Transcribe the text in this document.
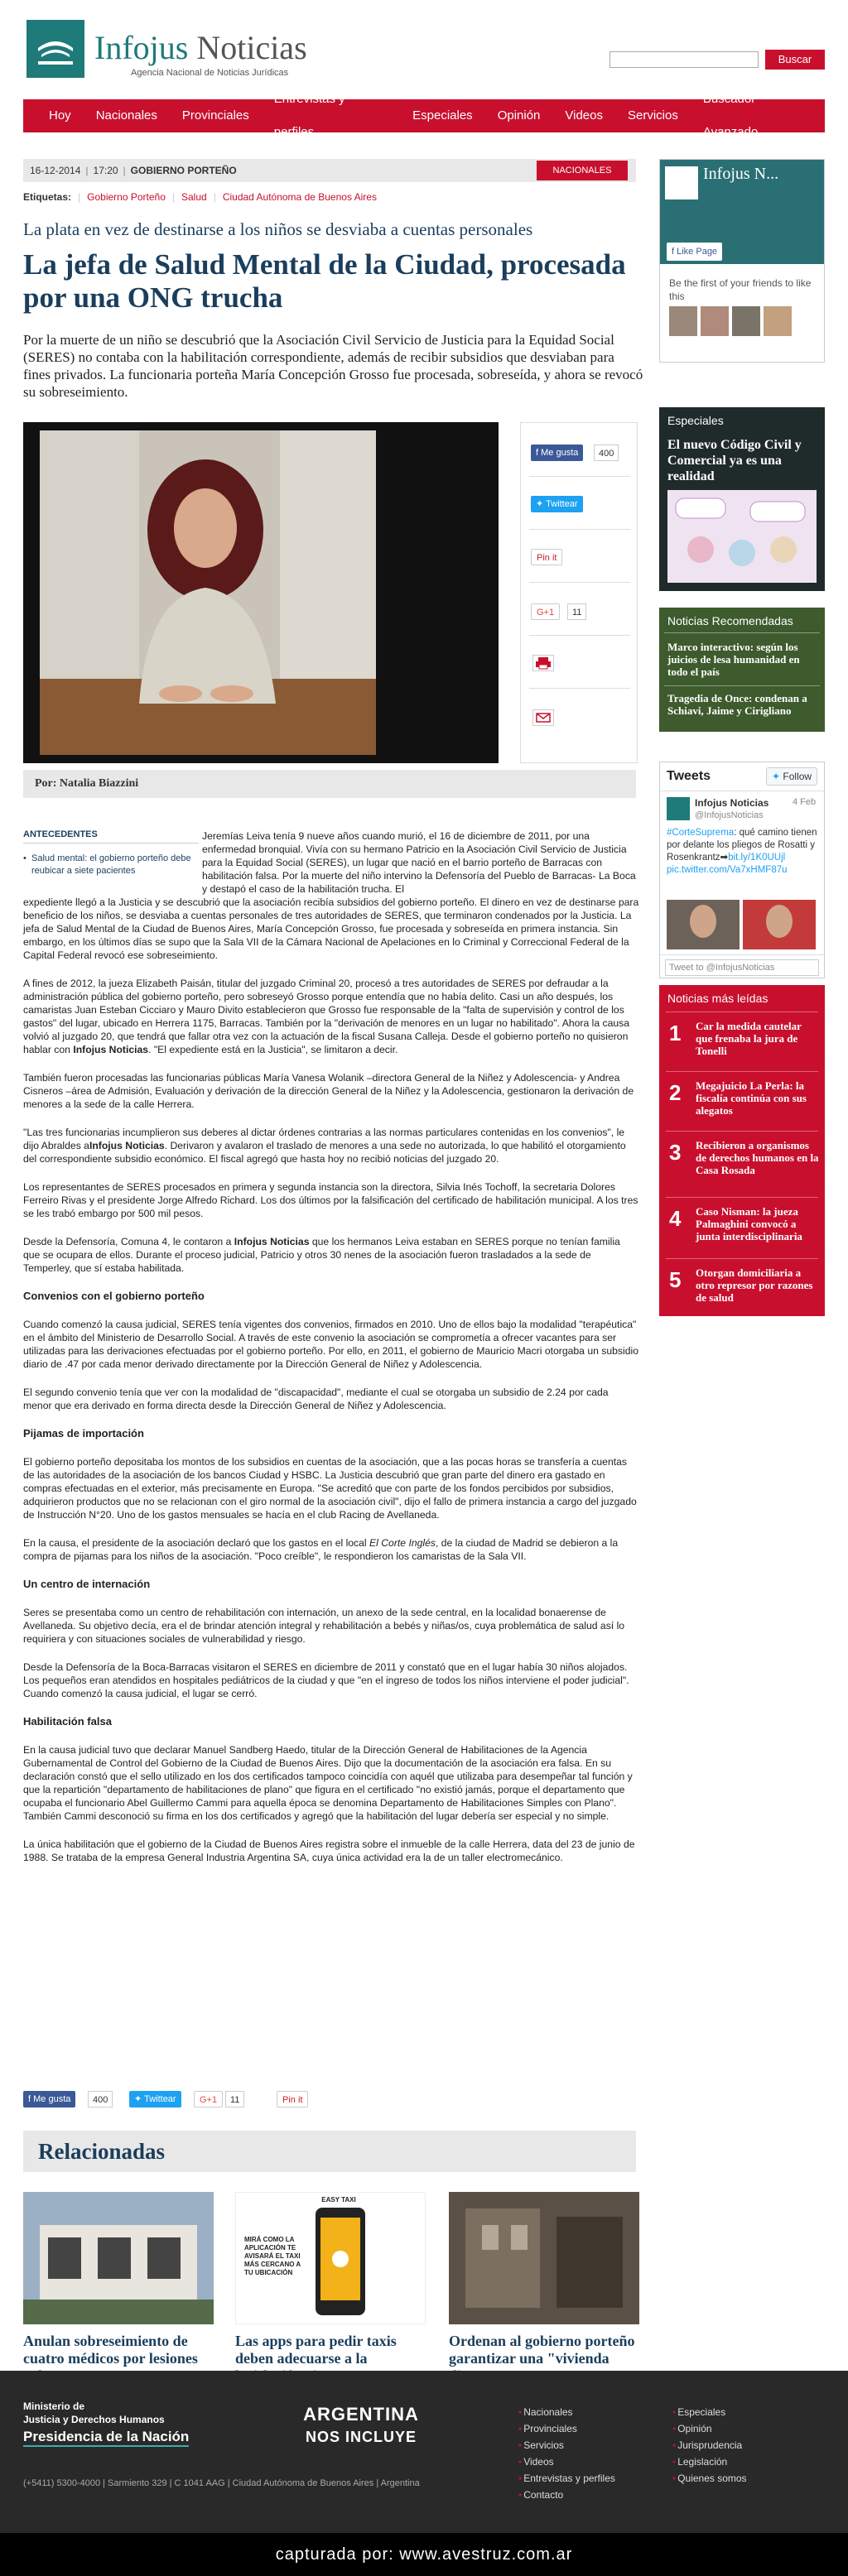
Infojus Noticias
Agencia Nacional de Noticias Jurídicas
Buscar
Hoy	Nacionales	Provinciales
Entrevistas y perfiles
Especiales	Opinión	Videos	Servicios
Buscador Avanzado
16-12-2014 | 17:20 | GOBIERNO PORTEÑO	NACIONALES
Etiquetas: | Gobierno Porteño | Salud | Ciudad Autónoma de Buenos Aires
La plata en vez de destinarse a los niños se desviaba a cuentas personales
La jefa de Salud Mental de la Ciudad, procesada por una ONG trucha
Por la muerte de un niño se descubrió que la Asociación Civil Servicio de Justicia para la Equidad Social (SERES) no contaba con la habilitación correspondiente, además de recibir subsidios que desviaban para fines privados. La funcionaria porteña María Concepción Grosso fue procesada, sobreseída, y ahora se revocó su sobreseimiento.
f Me gusta	400
✦ Twittear
Pin it
G+1	11
Por: Natalia Biazzini
ANTECEDENTES
• Salud mental: el gobierno porteño debe reubicar a siete pacientes

Jeremías Leiva tenía 9 nueve años cuando murió, el 16 de diciembre de 2011, por una enfermedad bronquial. Vivía con su hermano Patricio en la Asociación Civil Servicio de Justicia para la Equidad Social (SERES), un lugar que nació en el barrio porteño de Barracas con habilitación falsa. Por la muerte del niño intervino la Defensoría del Pueblo de Barracas- La Boca y destapó el caso de la habilitación trucha. El

expediente llegó a la Justicia y se descubrió que la asociación recibía subsidios del gobierno porteño. El dinero en vez de destinarse para beneficio de los niños, se desviaba a cuentas personales de tres autoridades de SERES, que terminaron condenados por la Justicia. La jefa de Salud Mental de la Ciudad de Buenos Aires, María Concepción Grosso, fue procesada y sobreseída en primera instancia. Sin embargo, en los últimos días se supo que la Sala VII de la Cámara Nacional de Apelaciones en lo Criminal y Correccional Federal de la Capital Federal revocó ese sobreseimiento.

A fines de 2012, la jueza Elizabeth Paisán, titular del juzgado Criminal 20, procesó a tres autoridades de SERES por defraudar a la administración pública del gobierno porteño, pero sobreseyó Grosso porque entendía que no había delito. Casi un año después, los camaristas Juan Esteban Cicciaro y Mauro Divito establecieron que Grosso fue responsable de la "falta de supervisión y control de los gastos" del lugar, ubicado en Herrera 1175, Barracas. También por la "derivación de menores en un lugar no habilitado". Ahora la causa volvió al juzgado 20, que tendrá que fallar otra vez con la actuación de la fiscal Susana Calleja. Desde el gobierno porteño no quisieron hablar con Infojus Noticias. "El expediente está en la Justicia", se limitaron a decir.

También fueron procesadas las funcionarias públicas María Vanesa Wolanik –directora General de la Niñez y Adolescencia- y Andrea Cisneros –área de Admisión, Evaluación y derivación de la dirección General de la Niñez y la Adolescencia, gestionaron la derivación de menores a la sede de la calle Herrera.

"Las tres funcionarias incumplieron sus deberes al dictar órdenes contrarias a las normas particulares contenidas en los convenios", le dijo Abraldes aInfojus Noticias. Derivaron y avalaron el traslado de menores a una sede no autorizada, lo que habilitó el otorgamiento del correspondiente subsidio económico. El fiscal agregó que hasta hoy no recibió noticias del juzgado 20.

Los representantes de SERES procesados en primera y segunda instancia son la directora, Silvia Inés Tochoff, la secretaria Dolores Ferreiro Rivas y el presidente Jorge Alfredo Richard. Los dos últimos por la falsificación del certificado de habilitación municipal. A los tres se les trabó embargo por 500 mil pesos.

Desde la Defensoría, Comuna 4, le contaron a Infojus Noticias que los hermanos Leiva estaban en SERES porque no tenían familia que se ocupara de ellos. Durante el proceso judicial, Patricio y otros 30 nenes de la asociación fueron trasladados a la sede de Temperley, que sí estaba habilitada.

Convenios con el gobierno porteño

Cuando comenzó la causa judicial, SERES tenía vigentes dos convenios, firmados en 2010. Uno de ellos bajo la modalidad "terapéutica" en el ámbito del Ministerio de Desarrollo Social. A través de este convenio la asociación se comprometía a ofrecer vacantes para ser utilizadas para las derivaciones efectuadas por el gobierno porteño. Por ello, en 2011, el gobierno de Mauricio Macri otorgaba un subsidio diario de .47 por cada menor derivado directamente por la Dirección General de Niñez y Adolescencia.

El segundo convenio tenía que ver con la modalidad de "discapacidad", mediante el cual se otorgaba un subsidio de 2.24 por cada menor que era derivado en forma directa desde la Dirección General de Niñez y Adolescencia.

Pijamas de importación

El gobierno porteño depositaba los montos de los subsidios en cuentas de la asociación, que a las pocas horas se transfería a cuentas de las autoridades de la asociación de los bancos Ciudad y HSBC. La Justicia descubrió que gran parte del dinero era gastado en compras efectuadas en el exterior, más precisamente en Europa. "Se acreditó que con parte de los fondos percibidos por subsidios, adquirieron productos que no se relacionan con el giro normal de la asociación civil", dijo el fallo de primera instancia a cargo del juzgado de Instrucción N°20. Uno de los gastos mensuales se hacía en el club Racing de Avellaneda.

En la causa, el presidente de la asociación declaró que los gastos en el local El Corte Inglés, de la ciudad de Madrid se debieron a la compra de pijamas para los niños de la asociación. "Poco creíble", le respondieron los camaristas de la Sala VII.

Un centro de internación

Seres se presentaba como un centro de rehabilitación con internación, un anexo de la sede central, en la localidad bonaerense de Avellaneda. Su objetivo decía, era el de brindar atención integral y rehabilitación a bebés y niñas/os, cuya problemática de salud así lo requiriera y con situaciones sociales de vulnerabilidad y riesgo.

Desde la Defensoría de la Boca-Barracas visitaron el SERES en diciembre de 2011 y constató que en el lugar había 30 niños alojados. Los pequeños eran atendidos en hospitales pediátricos de la ciudad y que "en el ingreso de todos los niños interviene el poder judicial". Cuando comenzó la causa judicial, el lugar se cerró.

Habilitación falsa

En la causa judicial tuvo que declarar Manuel Sandberg Haedo, titular de la Dirección General de Habilitaciones de la Agencia Gubernamental de Control del Gobierno de la Ciudad de Buenos Aires. Dijo que la documentación de la asociación era falsa. En su declaración constó que el sello utilizado en los dos certificados tampoco coincidía con aquél que utilizaba para desempeñar tal función y que la repartición "departamento de habilitaciones de plano" que figura en el certificado "no existió jamás, porque el departamento que ocupaba el funcionario Abel Guillermo Cammi para aquella época se denomina Departamento de Habilitaciones Simples con Plano". También Cammi desconoció su firma en los dos certificados y agregó que la habilitación del lugar debería ser especial y no simple.

La única habilitación que el gobierno de la Ciudad de Buenos Aires registra sobre el inmueble de la calle Herrera, data del 23 de junio de 1988. Se trataba de la empresa General Industria Argentina SA, cuya única actividad era la de un taller electromecánico.

f Me gusta	400	✦ Twittear	G+1	11	Pin it
Relacionadas
EASY TAXI
MIRÁ COMO LA APLICACIÓN TE AVISARÁ EL TAXI MÁS CERCANO A TU UBICACIÓN
Anulan sobreseimiento de cuatro médicos por lesiones
Las apps para pedir taxis deben adecuarse a la
Ordenan al gobierno porteño garantizar una "vivienda
Infojus N...
f Like Page
Be the first of your friends to like this
Especiales
El nuevo Código Civil y Comercial ya es una realidad
Noticias Recomendadas
Marco interactivo: según los juicios de lesa humanidad en todo el país
Tragedia de Once: condenan a Schiavi, Jaime y Cirigliano
Tweets	✦ Follow
Infojus Noticias	4 Feb
@InfojusNoticias
#CorteSuprema: qué camino tienen por delante los pliegos de Rosatti y Rosenkrantz➡bit.ly/1K0UUjl pic.twitter.com/Va7xHMF87u
Tweet to @InfojusNoticias
Noticias más leídas
1 Car la medida cautelar que frenaba la jura de Tonelli
2 Megajuicio La Perla: la fiscalía continúa con sus alegatos
3 Recibieron a organismos de derechos humanos en la Casa Rosada
4 Caso Nisman: la jueza Palmaghini convocó a junta interdisciplinaria
5 Otorgan domiciliaria a otro represor por razones de salud
Ministerio de
Justicia y Derechos Humanos
Presidencia de la Nación
ARGENTINA
NOS INCLUYE
(+5411) 5300-4000 | Sarmiento 329 | C 1041 AAG | Ciudad Autónoma de Buenos Aires | Argentina
● Nacionales
● Provinciales
● Servicios
● Videos
● Entrevistas y perfiles
● Contacto
● Especiales
● Opinión
● Jurisprudencia
● Legislación
● Quienes somos
capturada por: www.avestruz.com.ar
